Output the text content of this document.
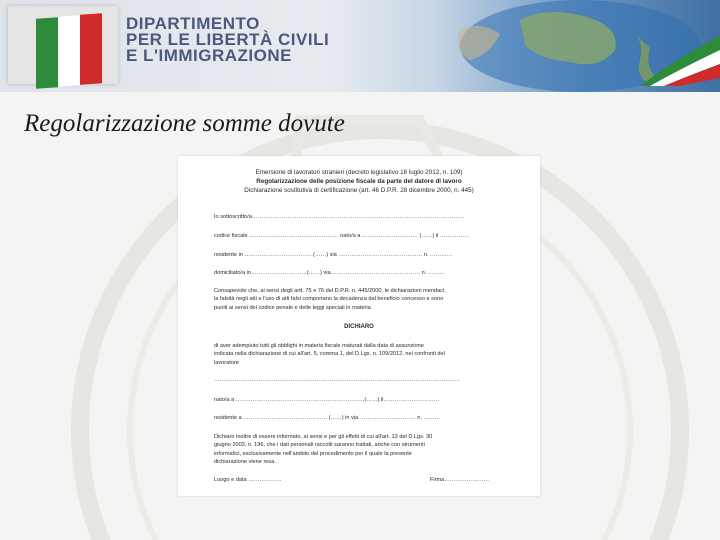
DIPARTIMENTO
PER LE LIBERTÀ CIVILI
E L'IMMIGRAZIONE
Regolarizzazione somme dovute
Emersione di lavoratori stranieri (decreto legislativo 16 luglio 2012, n. 109)
Regolarizzazione delle posizione fiscale da parte del datore di lavoro
Dichiarazione sostitutiva di certificazione (art. 46 D.P.R. 28 dicembre 2000, n. 445)
Io sottoscritto/a……………………………………………………………………………………………………
codice fiscale ………………………………………… nato/a a ………………………… (……) il …………….
residente in ……………………………… (……) via ……………………………………… n. …………
domiciliato/a in…………………………(……) via………………………………………… n. ………
Consapevole che, ai sensi degli artt. 75 e 76 del D.P.R. n. 445/2000, le dichiarazioni mendaci,
la falsità negli atti e l'uso di atti falsi comportano la decadenza dal beneficio concesso e sono
puniti ai sensi del codice penale e delle leggi speciali in materia
DICHIARO
di aver adempiuto tutti gli obblighi in materia fiscale maturati dalla data di assunzione
indicata nella dichiarazione di cui all'art. 5, comma 1, del D.Lgs. n. 109/2012, nei confronti del
lavoratore
……………………………………………………………………………………………………………………
nato/a a ……………………………………………………………(……) il…………………………
residente a ……………………………………… (……) in via ………………………… n. ………
Dichiaro inoltre di essere informato, ai sensi e per gli effetti di cui all'art. 13 del D.Lgs. 30
giugno 2003, n. 196, che i dati personali raccolti saranno trattati, anche con strumenti
informatici, esclusivamente nell'ambito del procedimento per il quale la presente
dichiarazione viene resa.
Luogo e data ………………	Firma……………………
